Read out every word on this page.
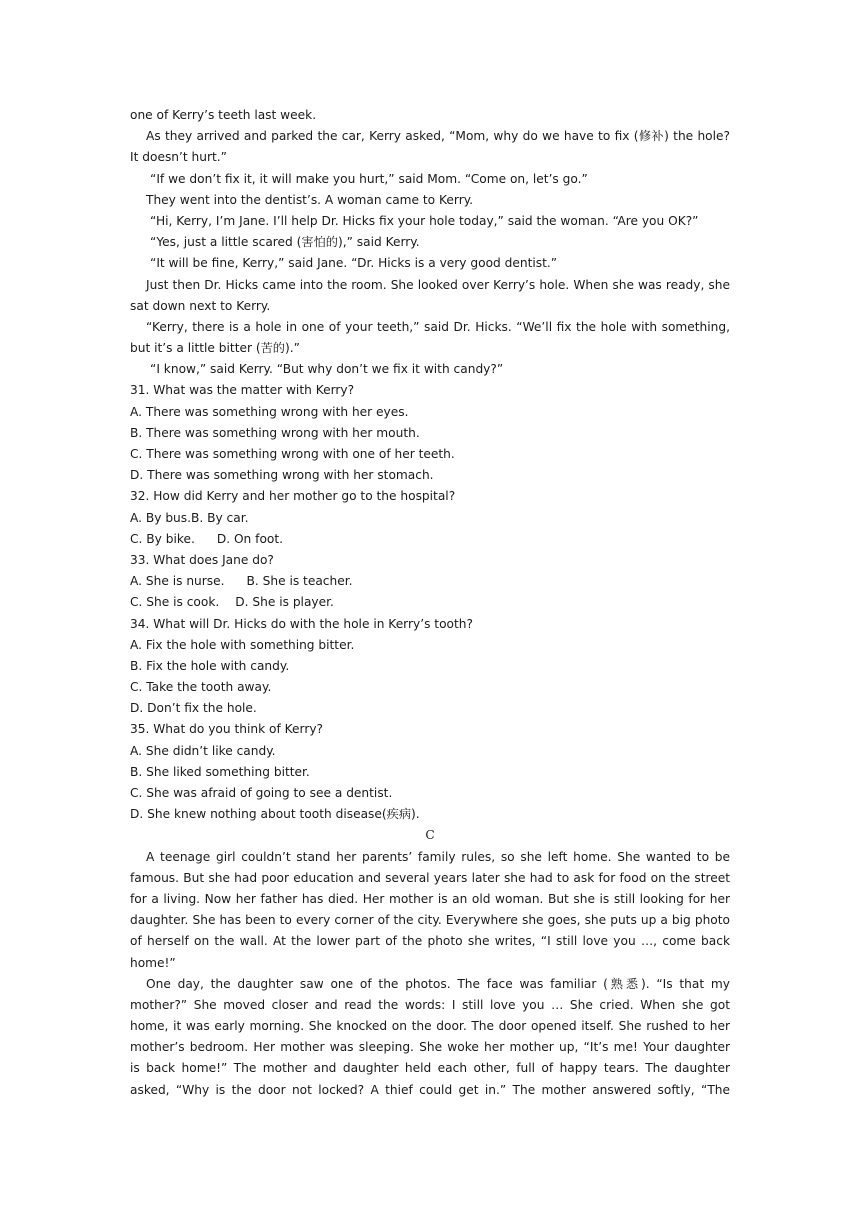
one of Kerry’s teeth last week.
As they arrived and parked the car, Kerry asked, “Mom, why do we have to fix (修补) the hole?
It doesn’t hurt.”
“If we don’t fix it, it will make you hurt,” said Mom. “Come on, let’s go.”
They went into the dentist’s. A woman came to Kerry.
“Hi, Kerry, I’m Jane. I’ll help Dr. Hicks fix your hole today,” said the woman. “Are you OK?”
“Yes, just a little scared (害怕的),” said Kerry.
“It will be fine, Kerry,” said Jane. “Dr. Hicks is a very good dentist.”
Just then Dr. Hicks came into the room. She looked over Kerry’s hole. When she was ready, she
sat down next to Kerry.
“Kerry, there is a hole in one of your teeth,” said Dr. Hicks. “We’ll fix the hole with something,
but it’s a little bitter (苦的).”
“I know,” said Kerry. “But why don’t we fix it with candy?”
31. What was the matter with Kerry?
A. There was something wrong with her eyes.
B. There was something wrong with her mouth.
C. There was something wrong with one of her teeth.
D. There was something wrong with her stomach.
32. How did Kerry and her mother go to the hospital?
A. By bus.B. By car.
C. By bike. D. On foot.
33. What does Jane do?
A. She is nurse. B. She is teacher.
C. She is cook. D. She is player.
34. What will Dr. Hicks do with the hole in Kerry’s tooth?
A. Fix the hole with something bitter.
B. Fix the hole with candy.
C. Take the tooth away.
D. Don’t fix the hole.
35. What do you think of Kerry?
A. She didn’t like candy.
B. She liked something bitter.
C. She was afraid of going to see a dentist.
D. She knew nothing about tooth disease(疾病).
C
A teenage girl couldn’t stand her parents’ family rules, so she left home. She wanted to be
famous. But she had poor education and several years later she had to ask for food on the street
for a living. Now her father has died. Her mother is an old woman. But she is still looking for her
daughter. She has been to every corner of the city. Everywhere she goes, she puts up a big photo
of herself on the wall. At the lower part of the photo she writes, “I still love you …, come back
home!”
One day, the daughter saw one of the photos. The face was familiar (熟悉). “Is that my
mother?” She moved closer and read the words: I still love you … She cried. When she got
home, it was early morning. She knocked on the door. The door opened itself. She rushed to her
mother’s bedroom. Her mother was sleeping. She woke her mother up, “It’s me! Your daughter
is back home!” The mother and daughter held each other, full of happy tears. The daughter
asked, “Why is the door not locked? A thief could get in.” The mother answered softly, “The
